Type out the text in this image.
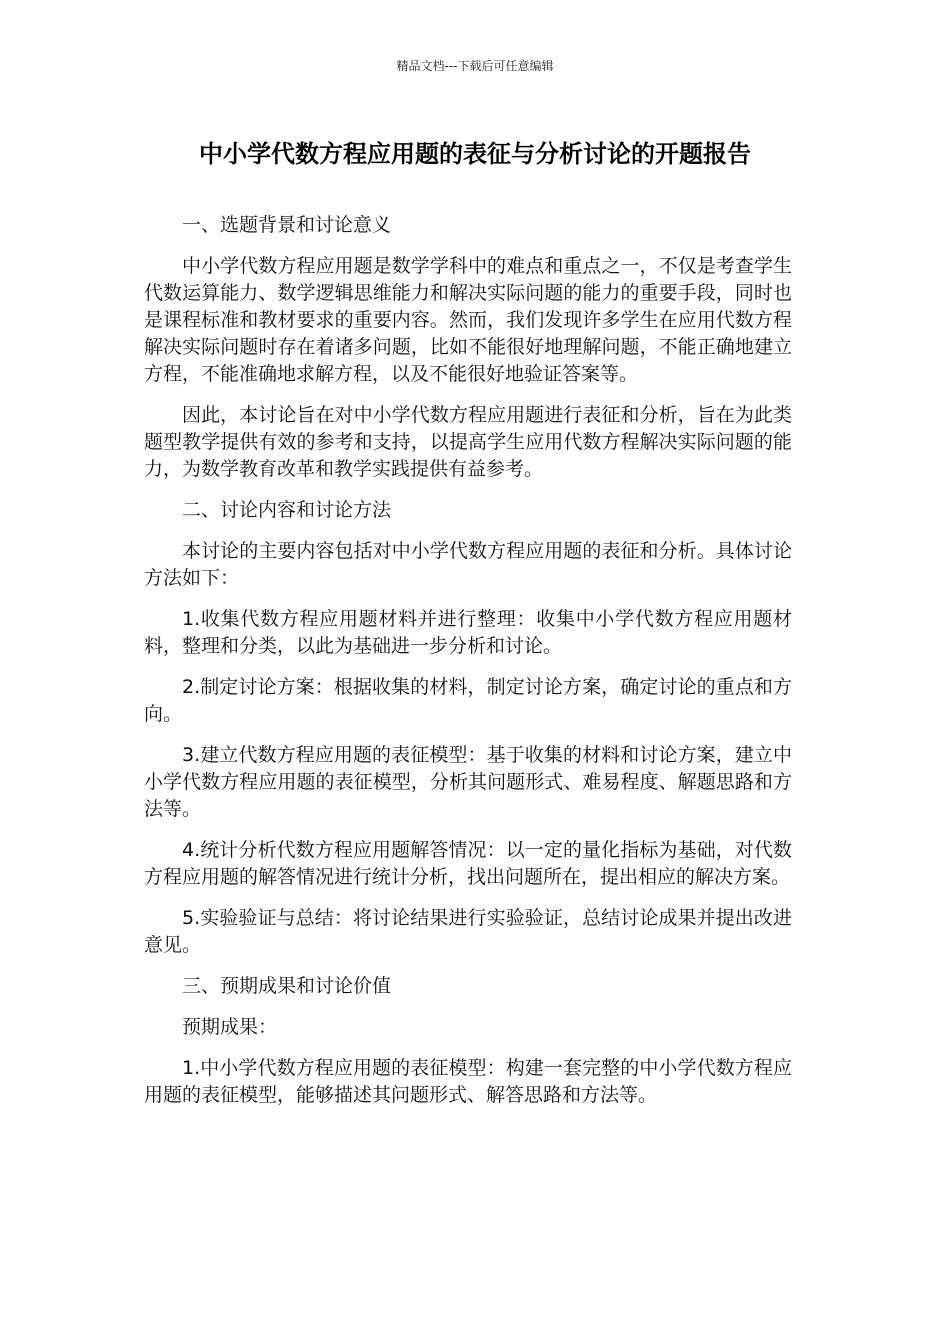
精品文档---下载后可任意编辑
中小学代数方程应用题的表征与分析讨论的开题报告

一、选题背景和讨论意义

中小学代数方程应用题是数学学科中的难点和重点之一，不仅是考查学生代数运算能力、数学逻辑思维能力和解决实际问题的能力的重要手段，同时也是课程标准和教材要求的重要内容。然而，我们发现许多学生在应用代数方程解决实际问题时存在着诸多问题，比如不能很好地理解问题，不能正确地建立方程，不能准确地求解方程，以及不能很好地验证答案等。

因此，本讨论旨在对中小学代数方程应用题进行表征和分析，旨在为此类题型教学提供有效的参考和支持，以提高学生应用代数方程解决实际问题的能力，为数学教育改革和教学实践提供有益参考。

二、讨论内容和讨论方法

本讨论的主要内容包括对中小学代数方程应用题的表征和分析。具体讨论方法如下：

1.收集代数方程应用题材料并进行整理：收集中小学代数方程应用题材料，整理和分类，以此为基础进一步分析和讨论。

2.制定讨论方案：根据收集的材料，制定讨论方案，确定讨论的重点和方向。

3.建立代数方程应用题的表征模型：基于收集的材料和讨论方案，建立中小学代数方程应用题的表征模型，分析其问题形式、难易程度、解题思路和方法等。

4.统计分析代数方程应用题解答情况：以一定的量化指标为基础，对代数方程应用题的解答情况进行统计分析，找出问题所在，提出相应的解决方案。

5.实验验证与总结：将讨论结果进行实验验证，总结讨论成果并提出改进意见。

三、预期成果和讨论价值

预期成果：

1.中小学代数方程应用题的表征模型：构建一套完整的中小学代数方程应用题的表征模型，能够描述其问题形式、解答思路和方法等。
